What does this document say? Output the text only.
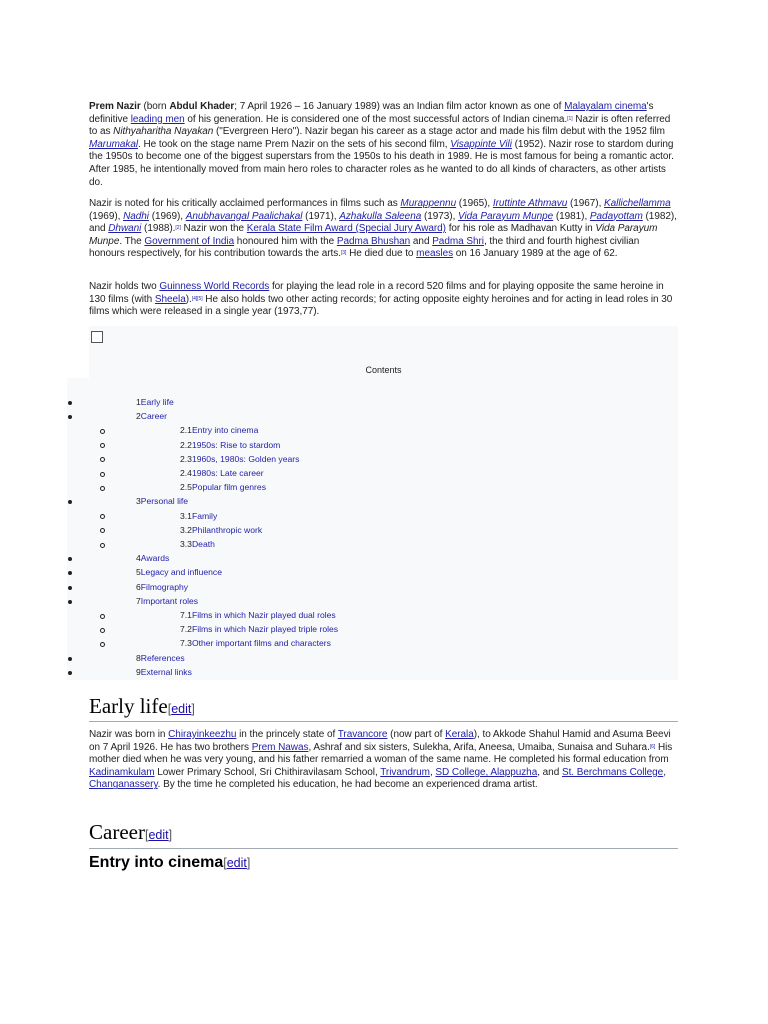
Prem Nazir (born Abdul Khader; 7 April 1926 – 16 January 1989) was an Indian film actor known as one of Malayalam cinema's definitive leading men of his generation. He is considered one of the most successful actors of Indian cinema.[1] Nazir is often referred to as Nithyaharitha Nayakan ("Evergreen Hero"). Nazir began his career as a stage actor and made his film debut with the 1952 film Marumakal. He took on the stage name Prem Nazir on the sets of his second film, Visappinte Vili (1952). Nazir rose to stardom during the 1950s to become one of the biggest superstars from the 1950s to his death in 1989. He is most famous for being a romantic actor. After 1985, he intentionally moved from main hero roles to character roles as he wanted to do all kinds of characters, as other artists do.

Nazir is noted for his critically acclaimed performances in films such as Murappennu (1965), Iruttinte Athmavu (1967), Kallichellamma (1969), Nadhi (1969), Anubhavangal Paalichakal (1971), Azhakulla Saleena (1973), Vida Parayum Munpe (1981), Padayottam (1982), and Dhwani (1988).[2] Nazir won the Kerala State Film Award (Special Jury Award) for his role as Madhavan Kutty in Vida Parayum Munpe. The Government of India honoured him with the Padma Bhushan and Padma Shri, the third and fourth highest civilian honours respectively, for his contribution towards the arts.[3] He died due to measles on 16 January 1989 at the age of 62.

Nazir holds two Guinness World Records for playing the lead role in a record 520 films and for playing opposite the same heroine in 130 films (with Sheela).[4][5] He also holds two other acting records; for acting opposite eighty heroines and for acting in lead roles in 30 films which were released in a single year (1973,77).

Contents
1Early life
2Career
2.1Entry into cinema
2.21950s: Rise to stardom
2.31960s, 1980s: Golden years
2.41980s: Late career
2.5Popular film genres
3Personal life
3.1Family
3.2Philanthropic work
3.3Death
4Awards
5Legacy and influence
6Filmography
7Important roles
7.1Films in which Nazir played dual roles
7.2Films in which Nazir played triple roles
7.3Other important films and characters
8References
9External links
Early life[edit]

Nazir was born in Chirayinkeezhu in the princely state of Travancore (now part of Kerala), to Akkode Shahul Hamid and Asuma Beevi on 7 April 1926. He has two brothers Prem Nawas, Ashraf and six sisters, Sulekha, Arifa, Aneesa, Umaiba, Sunaisa and Suhara.[6] His mother died when he was very young, and his father remarried a woman of the same name. He completed his formal education from Kadinamkulam Lower Primary School, Sri Chithiravilasam School, Trivandrum, SD College, Alappuzha, and St. Berchmans College, Changanassery. By the time he completed his education, he had become an experienced drama artist.

Career[edit]
Entry into cinema[edit]
